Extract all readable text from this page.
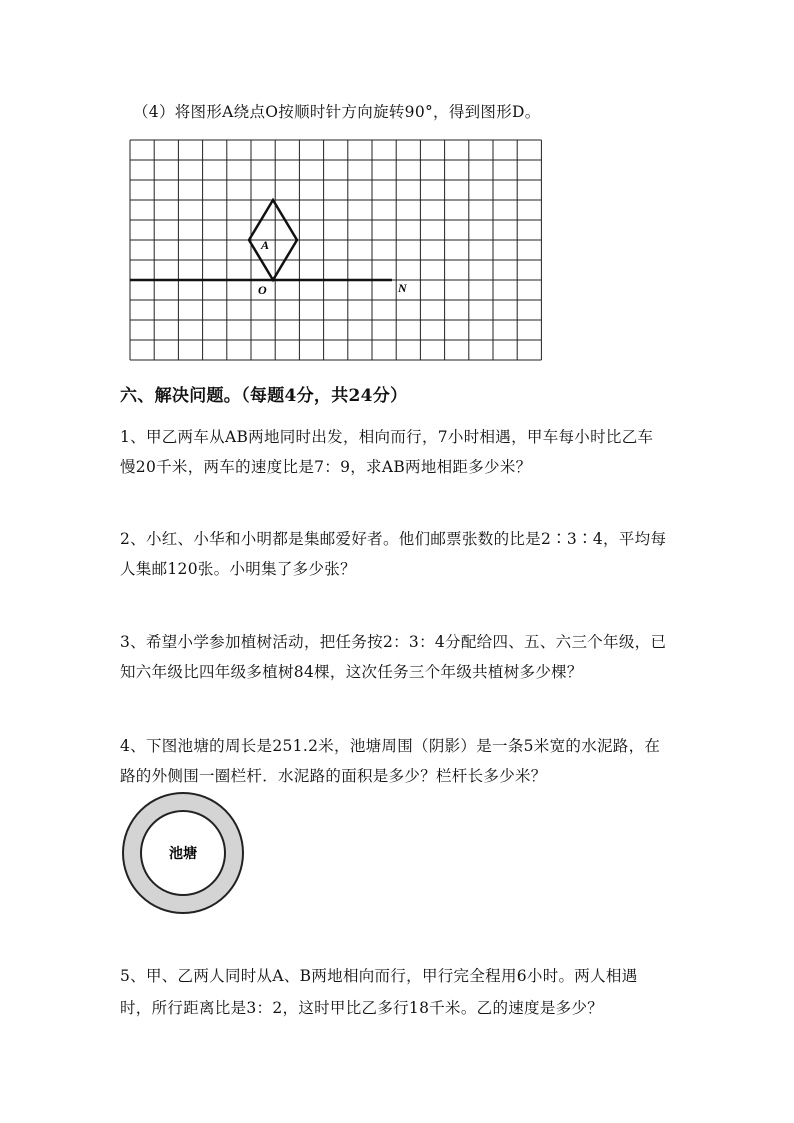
（4）将图形A绕点O按顺时针方向旋转90°，得到图形D。
A
O	N
六、解决问题。（每题4分，共24分）
1、甲乙两车从AB两地同时出发，相向而行，7小时相遇，甲车每小时比乙车
慢20千米，两车的速度比是7：9，求AB两地相距多少米？
2、小红、小华和小明都是集邮爱好者。他们邮票张数的比是2∶3∶4，平均每
人集邮120张。小明集了多少张？
3、希望小学参加植树活动，把任务按2：3：4分配给四、五、六三个年级，已
知六年级比四年级多植树84棵，这次任务三个年级共植树多少棵？
4、下图池塘的周长是251.2米，池塘周围（阴影）是一条5米宽的水泥路，在
路的外侧围一圈栏杆．水泥路的面积是多少？栏杆长多少米？
池塘
5、甲、乙两人同时从A、B两地相向而行，甲行完全程用6小时。两人相遇
时，所行距离比是3：2，这时甲比乙多行18千米。乙的速度是多少？
